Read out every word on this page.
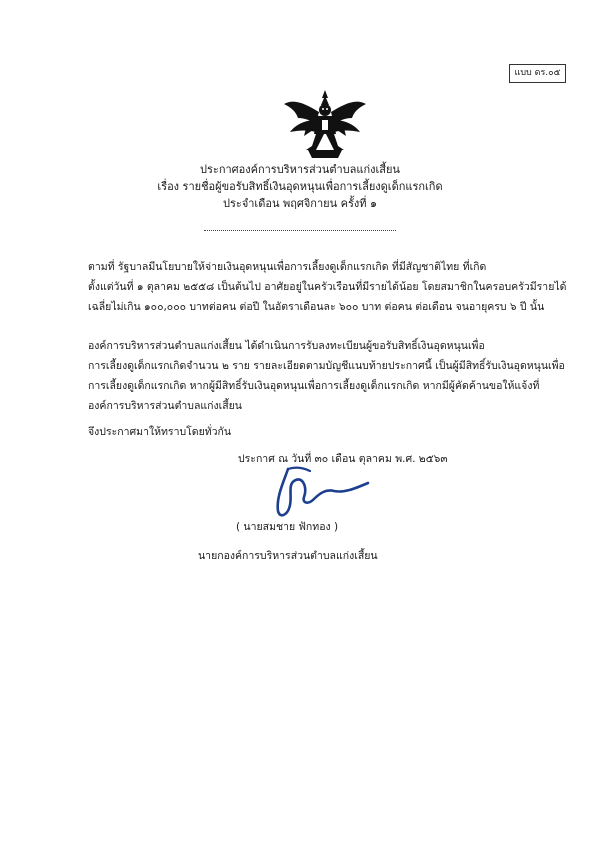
แบบ ดร.๐๕
ประกาศองค์การบริหารส่วนตำบลแก่งเสี้ยน
เรื่อง รายชื่อผู้ขอรับสิทธิ์เงินอุดหนุนเพื่อการเลี้ยงดูเด็กแรกเกิด
ประจำเดือน พฤศจิกายน ครั้งที่ ๑
ตามที่ รัฐบาลมีนโยบายให้จ่ายเงินอุดหนุนเพื่อการเลี้ยงดูเด็กแรกเกิด ที่มีสัญชาติไทย ที่เกิด
ตั้งแต่วันที่ ๑ ตุลาคม ๒๕๕๘ เป็นต้นไป อาศัยอยู่ในครัวเรือนที่มีรายได้น้อย โดยสมาชิกในครอบครัวมีรายได้
เฉลี่ยไม่เกิน ๑๐๐,๐๐๐ บาทต่อคน ต่อปี ในอัตราเดือนละ ๖๐๐ บาท ต่อคน ต่อเดือน จนอายุครบ ๖ ปี นั้น
องค์การบริหารส่วนตำบลแก่งเสี้ยน ได้ดำเนินการรับลงทะเบียนผู้ขอรับสิทธิ์เงินอุดหนุนเพื่อ
การเลี้ยงดูเด็กแรกเกิดจำนวน ๒ ราย รายละเอียดตามบัญชีแนบท้ายประกาศนี้ เป็นผู้มีสิทธิ์รับเงินอุดหนุนเพื่อ
การเลี้ยงดูเด็กแรกเกิด หากผู้มีสิทธิ์รับเงินอุดหนุนเพื่อการเลี้ยงดูเด็กแรกเกิด หากมีผู้คัดค้านขอให้แจ้งที่
องค์การบริหารส่วนตำบลแก่งเสี้ยน
จึงประกาศมาให้ทราบโดยทั่วกัน
ประกาศ ณ วันที่ ๓๐ เดือน ตุลาคม พ.ศ. ๒๕๖๓
( นายสมชาย ฟักทอง )
นายกองค์การบริหารส่วนตำบลแก่งเสี้ยน
